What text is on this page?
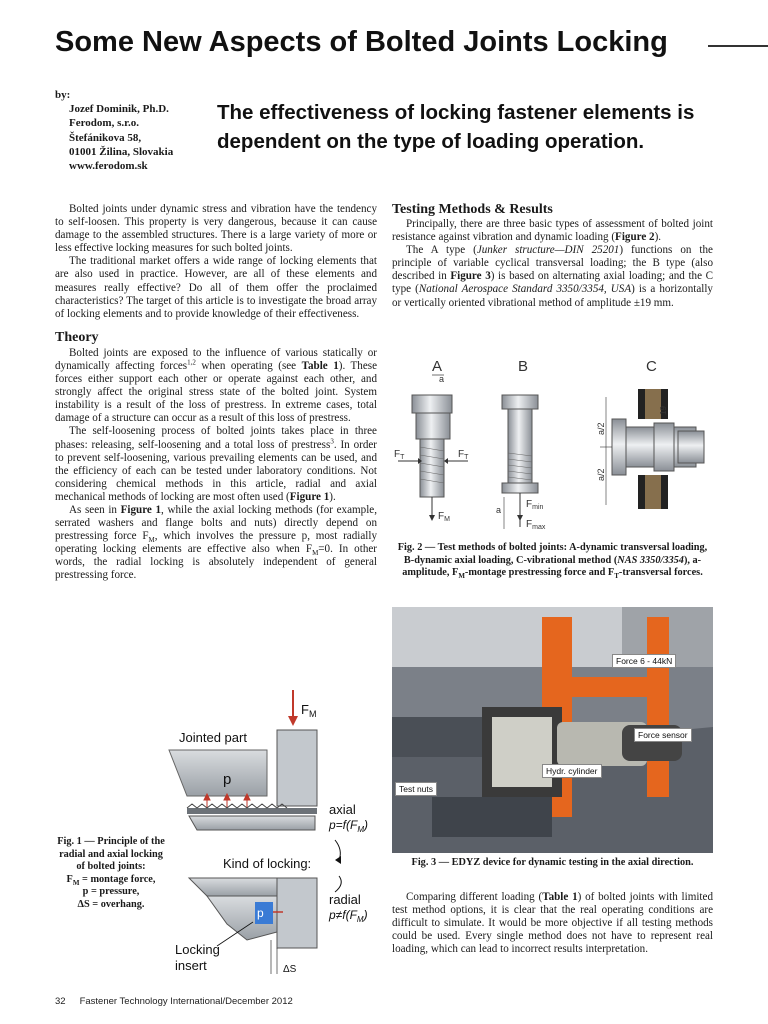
Some New Aspects of Bolted Joints Locking
by:
Jozef Dominik, Ph.D.
Ferodom, s.r.o.
Štefánikova 58,
01001 Žilina, Slovakia
www.ferodom.sk
The effectiveness of locking fastener elements is dependent on the type of loading operation.

Bolted joints under dynamic stress and vibration have the tendency to self-loosen. This property is very dangerous, because it can cause damage to the assembled structures. There is a large variety of more or less effective locking measures for such bolted joints.

The traditional market offers a wide range of locking elements that are also used in practice. However, are all of these elements and measures really effective? Do all of them offer the proclaimed characteristics? The target of this article is to investigate the broad array of locking elements and to provide knowledge of their effectiveness.

Theory

Bolted joints are exposed to the influence of various statically or dynamically affecting forces$^{1,2}$ when operating (see Table 1). These forces either support each other or operate against each other, and strongly affect the original stress state of the bolted joint. System instability is a result of the loss of prestress. In extreme cases, total damage of a structure can occur as a result of this loss of prestress.

The self-loosening process of bolted joints takes place in three phases: releasing, self-loosening and a total loss of prestress$^3$. In order to prevent self-loosening, various prevailing elements can be used, and the efficiency of each can be tested under laboratory conditions. Not considering chemical methods in this article, radial and axial mechanical methods of locking are most often used (Figure 1).

As seen in Figure 1, while the axial locking methods (for example, serrated washers and flange bolts and nuts) directly depend on prestressing force $F_M$, which involves the pressure p, most radially operating locking elements are effective also when $F_M=0$. In other words, the radial locking is absolutely independent of general prestressing force.

Testing Methods & Results

Principally, there are three basic types of assessment of bolted joint resistance against vibration and dynamic loading (Figure 2).

The A type (Junker structure—DIN 25201) functions on the principle of variable cyclical transversal loading; the B type (also described in Figure 3) is based on alternating axial loading; and the C type (National Aerospace Standard 3350/3354, USA) is a horizontally or vertically oriented vibrational method of amplitude ±19 mm.

A	B	C
a
$F_T$	$F_T$
$F_M$
$F_{min}$
$F_{max}$
a
a/2
a/2
19
Fig. 2 — Test methods of bolted joints: A-dynamic transversal loading, B-dynamic axial loading, C-vibrational method (NAS 3350/3354), a-amplitude, $F_M$-montage prestressing force and $F_T$-transversal forces.
Force 6 - 44kN
Force sensor
Hydr. cylinder
Test nuts
Fig. 3 — EDYZ device for dynamic testing in the axial direction.

Comparing different loading (Table 1) of bolted joints with limited test method options, it is clear that the real operating conditions are difficult to simulate. It would be more objective if all testing methods could be used. Every single method does not have to represent real loading, which can lead to incorrect results interpretation.

$F_M$
Jointed part
p
axial
$p=f(F_M)$
Kind of locking:
p
radial
$p\ne f(F_M)$
Locking
insert	ΔS
Fig. 1 — Principle of the radial and axial locking of bolted joints:
$F_M$ = montage force,
p = pressure,
ΔS = overhang.
32 Fastener Technology International/December 2012
